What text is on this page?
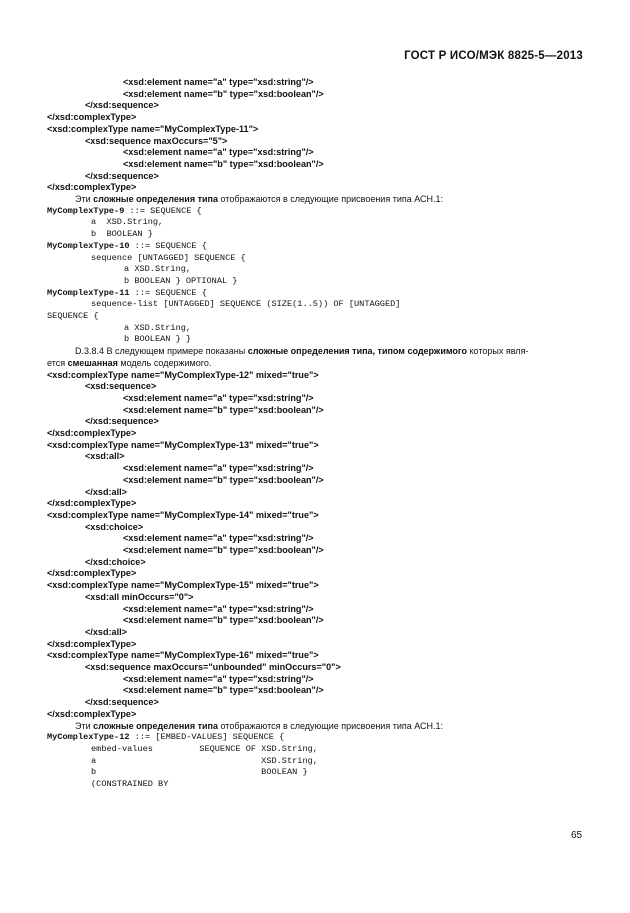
ГОСТ Р ИСО/МЭК 8825-5—2013
<xsd:element name="a" type="xsd:string"/>
<xsd:element name="b" type="xsd:boolean"/>
</xsd:sequence>
</xsd:complexType>
<xsd:complexType name="MyComplexType-11">
<xsd:sequence maxOccurs="5">
<xsd:element name="a" type="xsd:string"/>
<xsd:element name="b" type="xsd:boolean"/>
</xsd:sequence>
</xsd:complexType>
Эти сложные определения типа отображаются в следующие присвоения типа АСН.1:
MyComplexType-9 ::= SEQUENCE {
a  XSD.String,
b  BOOLEAN }
MyComplexType-10 ::= SEQUENCE {
sequence [UNTAGGED] SEQUENCE {
a XSD.String,
b BOOLEAN } OPTIONAL }
MyComplexType-11 ::= SEQUENCE {
sequence-list [UNTAGGED] SEQUENCE (SIZE(1..5)) OF [UNTAGGED]
SEQUENCE {
a XSD.String,
b BOOLEAN } }
D.3.8.4 В следующем примере показаны сложные определения типа, типом содержимого которых явля-
ется смешанная модель содержимого.
<xsd:complexType name="MyComplexType-12" mixed="true">
<xsd:sequence>
<xsd:element name="a" type="xsd:string"/>
<xsd:element name="b" type="xsd:boolean"/>
</xsd:sequence>
</xsd:complexType>
<xsd:complexType name="MyComplexType-13" mixed="true">
<xsd:all>
<xsd:element name="a" type="xsd:string"/>
<xsd:element name="b" type="xsd:boolean"/>
</xsd:all>
</xsd:complexType>
<xsd:complexType name="MyComplexType-14" mixed="true">
<xsd:choice>
<xsd:element name="a" type="xsd:string"/>
<xsd:element name="b" type="xsd:boolean"/>
</xsd:choice>
</xsd:complexType>
<xsd:complexType name="MyComplexType-15" mixed="true">
<xsd:all minOccurs="0">
<xsd:element name="a" type="xsd:string"/>
<xsd:element name="b" type="xsd:boolean"/>
</xsd:all>
</xsd:complexType>
<xsd:complexType name="MyComplexType-16" mixed="true">
<xsd:sequence maxOccurs="unbounded" minOccurs="0">
<xsd:element name="a" type="xsd:string"/>
<xsd:element name="b" type="xsd:boolean"/>
</xsd:sequence>
</xsd:complexType>
Эти сложные определения типа отображаются в следующие присвоения типа АСН.1:
MyComplexType-12 ::= [EMBED-VALUES] SEQUENCE {
embed-values         SEQUENCE OF XSD.String,
a                                XSD.String,
b                                BOOLEAN }
(CONSTRAINED BY
65
